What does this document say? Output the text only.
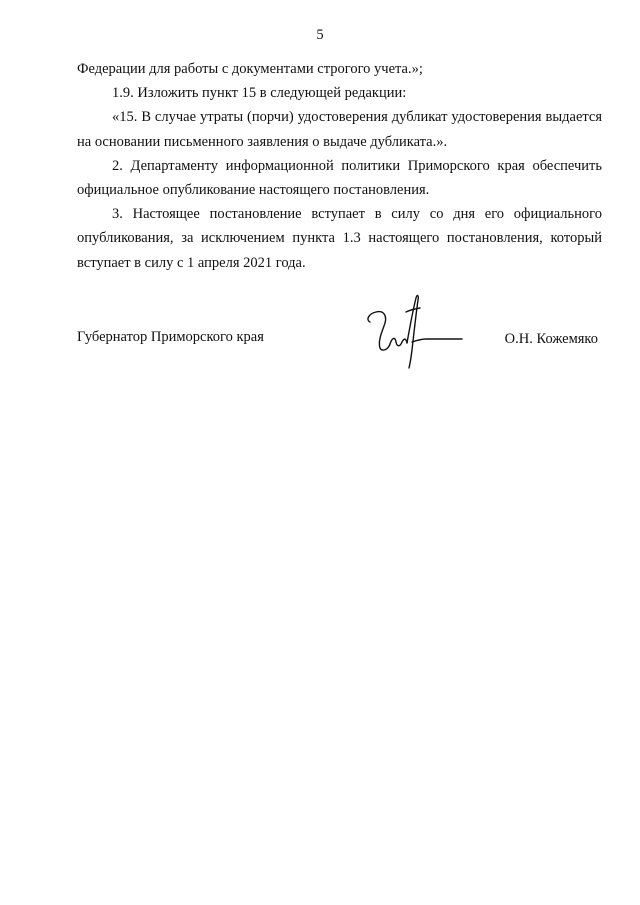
5

Федерации для работы с документами строгого учета.»;

1.9. Изложить пункт 15 в следующей редакции:

«15. В случае утраты (порчи) удостоверения дубликат удостоверения выдается на основании письменного заявления о выдаче дубликата.».

2. Департаменту информационной политики Приморского края обеспечить официальное опубликование настоящего постановления.

3. Настоящее постановление вступает в силу со дня его официального опубликования, за исключением пункта 1.3 настоящего постановления, который вступает в силу с 1 апреля 2021 года.

Губернатор Приморского края	О.Н. Кожемяко
